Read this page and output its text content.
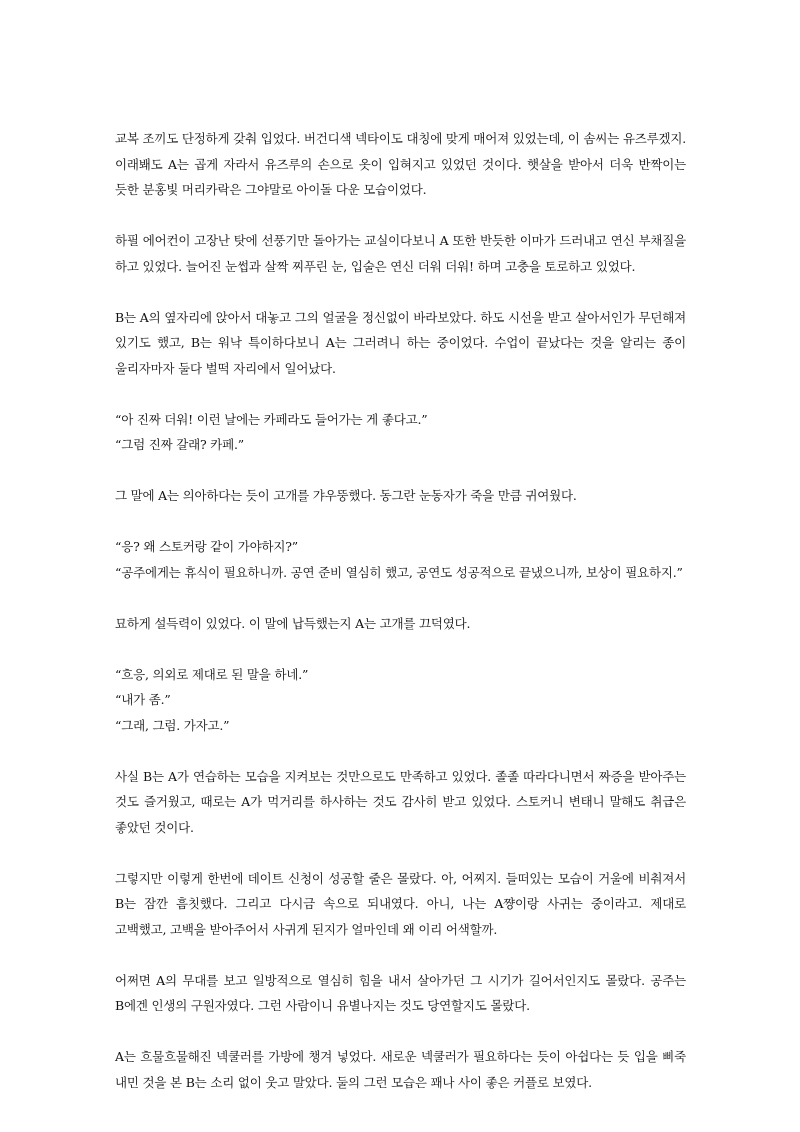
교복 조끼도 단정하게 갖춰 입었다. 버건디색 넥타이도 대칭에 맞게 매어져 있었는데, 이 솜씨는 유즈루겠지. 이래봬도 A는 곱게 자라서 유즈루의 손으로 옷이 입혀지고 있었던 것이다. 햇살을 받아서 더욱 반짝이는 듯한 분홍빛 머리카락은 그야말로 아이돌 다운 모습이었다.

하필 에어컨이 고장난 탓에 선풍기만 돌아가는 교실이다보니 A 또한 반듯한 이마가 드러내고 연신 부채질을 하고 있었다. 늘어진 눈썹과 살짝 찌푸린 눈, 입술은 연신 더워 더워! 하며 고충을 토로하고 있었다.

B는 A의 옆자리에 앉아서 대놓고 그의 얼굴을 정신없이 바라보았다. 하도 시선을 받고 살아서인가 무던해져 있기도 했고, B는 워낙 특이하다보니 A는 그러려니 하는 중이었다. 수업이 끝났다는 것을 알리는 종이 울리자마자 둘다 벌떡 자리에서 일어났다.

“아 진짜 더워! 이런 날에는 카페라도 들어가는 게 좋다고.”
“그럼 진짜 갈래? 카페.”

그 말에 A는 의아하다는 듯이 고개를 갸우뚱했다. 동그란 눈동자가 죽을 만큼 귀여웠다.

“응? 왜 스토커랑 같이 가야하지?”
“공주에게는 휴식이 필요하니까. 공연 준비 열심히 했고, 공연도 성공적으로 끝냈으니까, 보상이 필요하지.”

묘하게 설득력이 있었다. 이 말에 납득했는지 A는 고개를 끄덕였다.

“흐응, 의외로 제대로 된 말을 하네.”
“내가 좀.”
“그래, 그럼. 가자고.”

사실 B는 A가 연습하는 모습을 지켜보는 것만으로도 만족하고 있었다. 졸졸 따라다니면서 짜증을 받아주는 것도 즐거웠고, 때로는 A가 먹거리를 하사하는 것도 감사히 받고 있었다. 스토커니 변태니 말해도 취급은 좋았던 것이다.

그렇지만 이렇게 한번에 데이트 신청이 성공할 줄은 몰랐다. 아, 어찌지. 들떠있는 모습이 거울에 비춰져서 B는 잠깐 흠칫했다. 그리고 다시금 속으로 되내였다. 아니, 나는 A쨩이랑 사귀는 중이라고. 제대로 고백했고, 고백을 받아주어서 사귀게 된지가 얼마인데 왜 이리 어색할까.

어쩌면 A의 무대를 보고 일방적으로 열심히 힘을 내서 살아가던 그 시기가 길어서인지도 몰랐다. 공주는 B에겐 인생의 구원자였다. 그런 사람이니 유별나지는 것도 당연할지도 몰랐다.

A는 흐물흐물해진 넥쿨러를 가방에 챙겨 넣었다. 새로운 넥쿨러가 필요하다는 듯이 아쉽다는 듯 입을 삐죽 내민 것을 본 B는 소리 없이 웃고 말았다. 둘의 그런 모습은 꽤나 사이 좋은 커플로 보였다.
